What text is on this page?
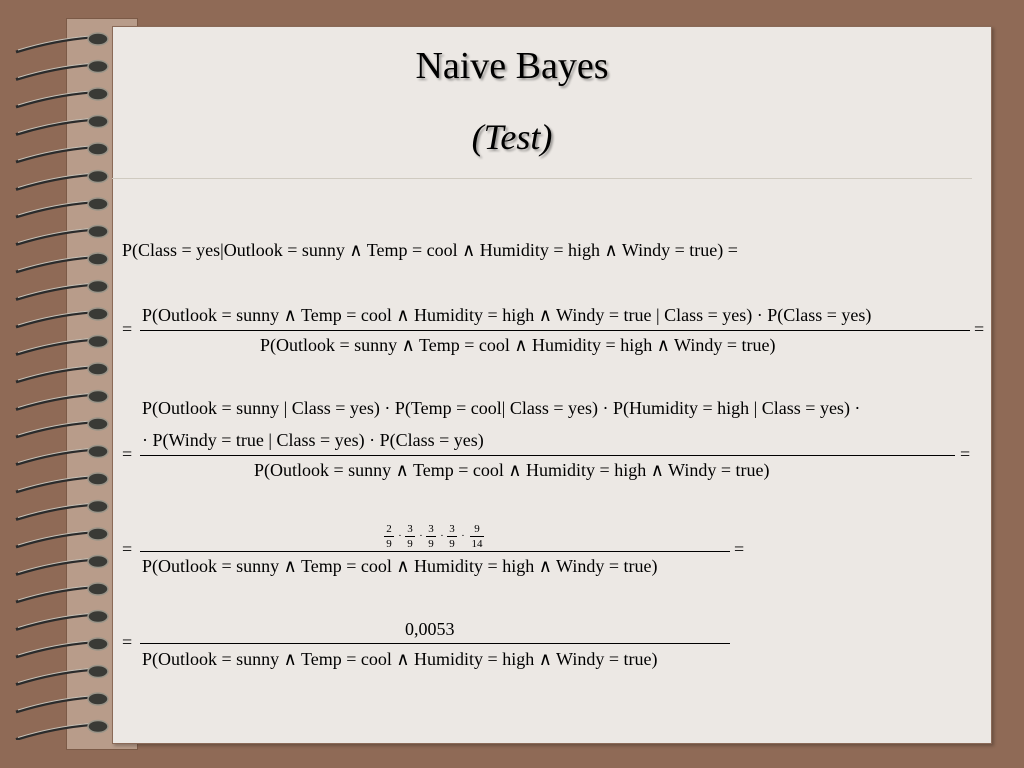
Naive Bayes
(Test)
P(Class = yes|Outlook = sunny ∧ Temp = cool ∧ Humidity = high ∧ Windy = true) =
=
P(Outlook = sunny ∧ Temp = cool ∧ Humidity = high ∧ Windy = true | Class = yes) · P(Class = yes)
P(Outlook = sunny ∧ Temp = cool ∧ Humidity = high ∧ Windy = true)
=
P(Outlook = sunny | Class = yes) · P(Temp = cool| Class = yes) · P(Humidity = high | Class = yes) ·
· P(Windy = true | Class = yes) · P(Class = yes)
=
P(Outlook = sunny ∧ Temp = cool ∧ Humidity = high ∧ Windy = true)
=
2
9
·
3
9
·
3
9
·
3
9
·
9
14
=
P(Outlook = sunny ∧ Temp = cool ∧ Humidity = high ∧ Windy = true)
=
0,0053
=
P(Outlook = sunny ∧ Temp = cool ∧ Humidity = high ∧ Windy = true)
